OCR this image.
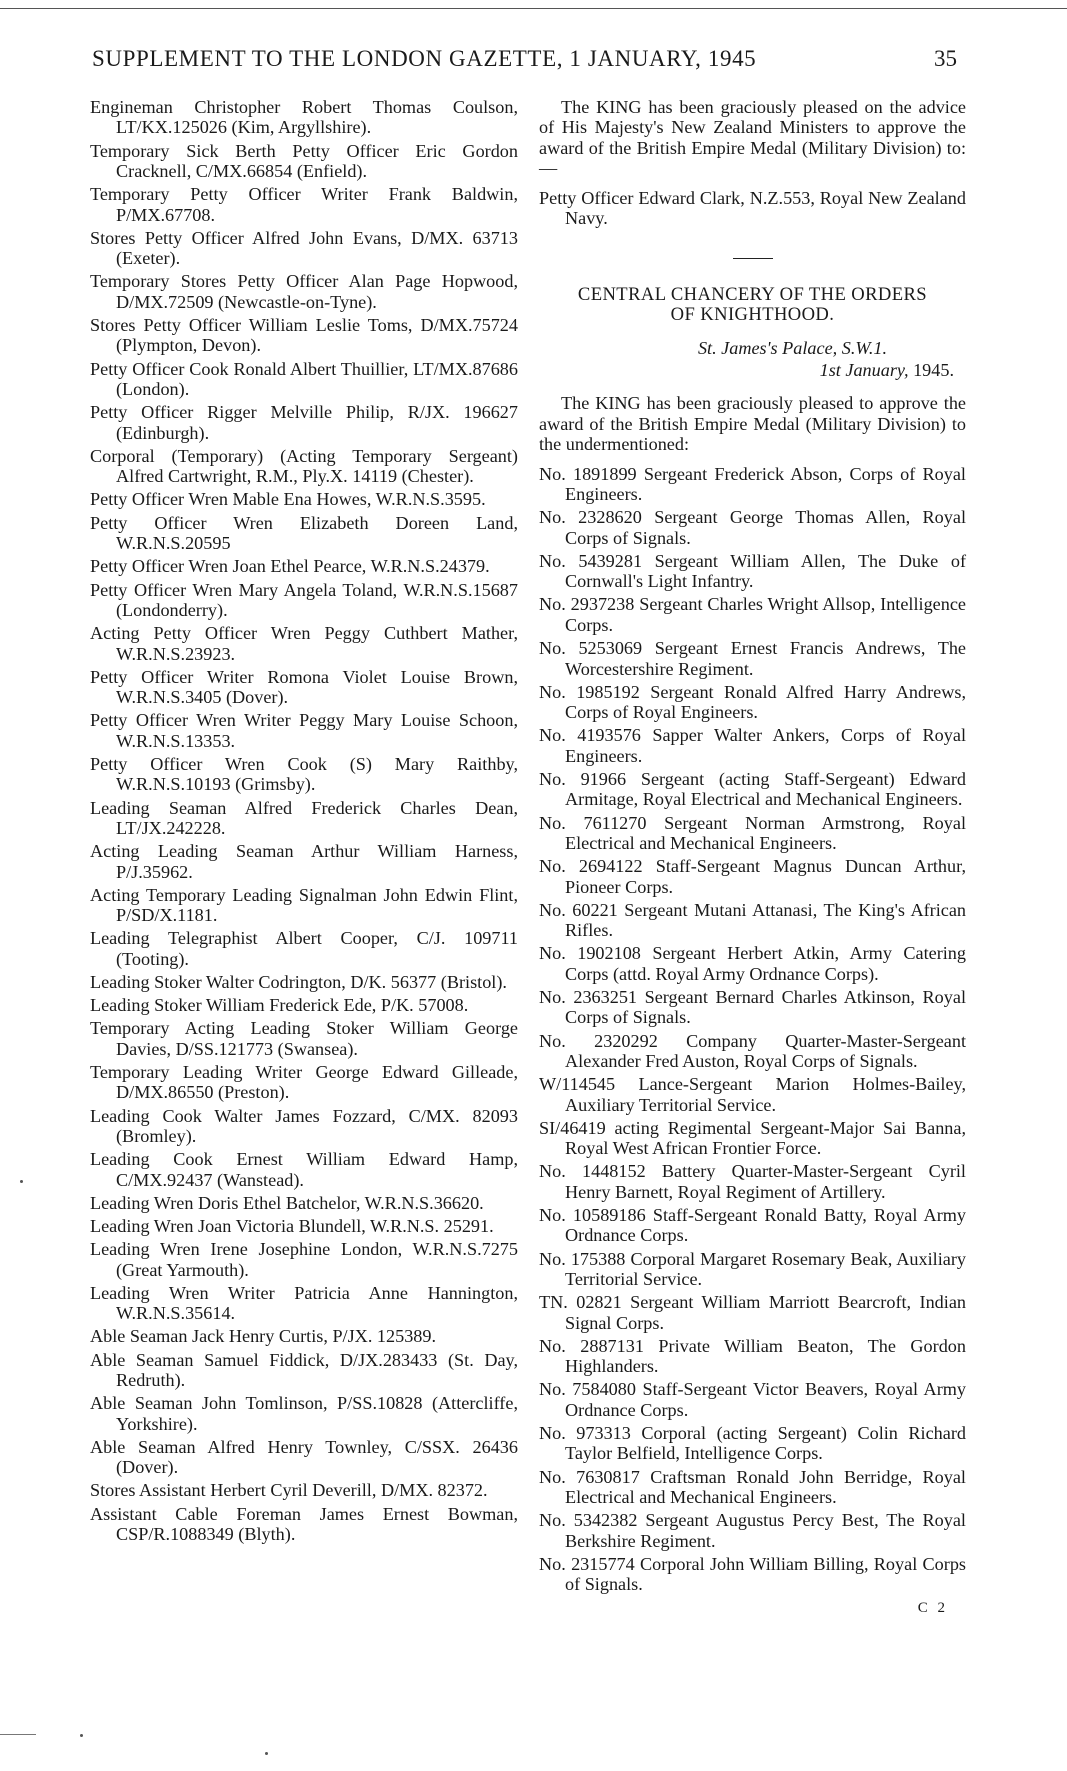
SUPPLEMENT TO THE LONDON GAZETTE, 1 JANUARY, 1945	35

Engineman Christopher Robert Thomas Coulson, LT/KX.125026 (Kim, Argyllshire).

Temporary Sick Berth Petty Officer Eric Gordon Cracknell, C/MX.66854 (Enfield).

Temporary Petty Officer Writer Frank Baldwin, P/MX.67708.

Stores Petty Officer Alfred John Evans, D/MX. 63713 (Exeter).

Temporary Stores Petty Officer Alan Page Hopwood, D/MX.72509 (Newcastle-on-Tyne).

Stores Petty Officer William Leslie Toms, D/MX.75724 (Plympton, Devon).

Petty Officer Cook Ronald Albert Thuillier, LT/MX.87686 (London).

Petty Officer Rigger Melville Philip, R/JX. 196627 (Edinburgh).

Corporal (Temporary) (Acting Temporary Sergeant) Alfred Cartwright, R.M., Ply.X. 14119 (Chester).

Petty Officer Wren Mable Ena Howes, W.R.N.S.3595.

Petty Officer Wren Elizabeth Doreen Land, W.R.N.S.20595

Petty Officer Wren Joan Ethel Pearce, W.R.N.S.24379.

Petty Officer Wren Mary Angela Toland, W.R.N.S.15687 (Londonderry).

Acting Petty Officer Wren Peggy Cuthbert Mather, W.R.N.S.23923.

Petty Officer Writer Romona Violet Louise Brown, W.R.N.S.3405 (Dover).

Petty Officer Wren Writer Peggy Mary Louise Schoon, W.R.N.S.13353.

Petty Officer Wren Cook (S) Mary Raithby, W.R.N.S.10193 (Grimsby).

Leading Seaman Alfred Frederick Charles Dean, LT/JX.242228.

Acting Leading Seaman Arthur William Harness, P/J.35962.

Acting Temporary Leading Signalman John Edwin Flint, P/SD/X.1181.

Leading Telegraphist Albert Cooper, C/J. 109711 (Tooting).

Leading Stoker Walter Codrington, D/K. 56377 (Bristol).

Leading Stoker William Frederick Ede, P/K. 57008.

Temporary Acting Leading Stoker William George Davies, D/SS.121773 (Swansea).

Temporary Leading Writer George Edward Gilleade, D/MX.86550 (Preston).

Leading Cook Walter James Fozzard, C/MX. 82093 (Bromley).

Leading Cook Ernest William Edward Hamp, C/MX.92437 (Wanstead).

Leading Wren Doris Ethel Batchelor, W.R.N.S.36620.

Leading Wren Joan Victoria Blundell, W.R.N.S. 25291.

Leading Wren Irene Josephine London, W.R.N.S.7275 (Great Yarmouth).

Leading Wren Writer Patricia Anne Hannington, W.R.N.S.35614.

Able Seaman Jack Henry Curtis, P/JX. 125389.

Able Seaman Samuel Fiddick, D/JX.283433 (St. Day, Redruth).

Able Seaman John Tomlinson, P/SS.10828 (Attercliffe, Yorkshire).

Able Seaman Alfred Henry Townley, C/SSX. 26436 (Dover).

Stores Assistant Herbert Cyril Deverill, D/MX. 82372.

Assistant Cable Foreman James Ernest Bowman, CSP/R.1088349 (Blyth).

The KING has been graciously pleased on the advice of His Majesty's New Zealand Ministers to approve the award of the British Empire Medal (Military Division) to:—

Petty Officer Edward Clark, N.Z.553, Royal New Zealand Navy.

CENTRAL CHANCERY OF THE ORDERS
OF KNIGHTHOOD.

St. James's Palace, S.W.1.

1st January, 1945.

The KING has been graciously pleased to approve the award of the British Empire Medal (Military Division) to the undermentioned:

No. 1891899 Sergeant Frederick Abson, Corps of Royal Engineers.

No. 2328620 Sergeant George Thomas Allen, Royal Corps of Signals.

No. 5439281 Sergeant William Allen, The Duke of Cornwall's Light Infantry.

No. 2937238 Sergeant Charles Wright Allsop, Intelligence Corps.

No. 5253069 Sergeant Ernest Francis Andrews, The Worcestershire Regiment.

No. 1985192 Sergeant Ronald Alfred Harry Andrews, Corps of Royal Engineers.

No. 4193576 Sapper Walter Ankers, Corps of Royal Engineers.

No. 91966 Sergeant (acting Staff-Sergeant) Edward Armitage, Royal Electrical and Mechanical Engineers.

No. 7611270 Sergeant Norman Armstrong, Royal Electrical and Mechanical Engineers.

No. 2694122 Staff-Sergeant Magnus Duncan Arthur, Pioneer Corps.

No. 60221 Sergeant Mutani Attanasi, The King's African Rifles.

No. 1902108 Sergeant Herbert Atkin, Army Catering Corps (attd. Royal Army Ordnance Corps).

No. 2363251 Sergeant Bernard Charles Atkinson, Royal Corps of Signals.

No. 2320292 Company Quarter-Master-Sergeant Alexander Fred Auston, Royal Corps of Signals.

W/114545 Lance-Sergeant Marion Holmes-Bailey, Auxiliary Territorial Service.

SI/46419 acting Regimental Sergeant-Major Sai Banna, Royal West African Frontier Force.

No. 1448152 Battery Quarter-Master-Sergeant Cyril Henry Barnett, Royal Regiment of Artillery.

No. 10589186 Staff-Sergeant Ronald Batty, Royal Army Ordnance Corps.

No. 175388 Corporal Margaret Rosemary Beak, Auxiliary Territorial Service.

TN. 02821 Sergeant William Marriott Bearcroft, Indian Signal Corps.

No. 2887131 Private William Beaton, The Gordon Highlanders.

No. 7584080 Staff-Sergeant Victor Beavers, Royal Army Ordnance Corps.

No. 973313 Corporal (acting Sergeant) Colin Richard Taylor Belfield, Intelligence Corps.

No. 7630817 Craftsman Ronald John Berridge, Royal Electrical and Mechanical Engineers.

No. 5342382 Sergeant Augustus Percy Best, The Royal Berkshire Regiment.

No. 2315774 Corporal John William Billing, Royal Corps of Signals.

C 2
